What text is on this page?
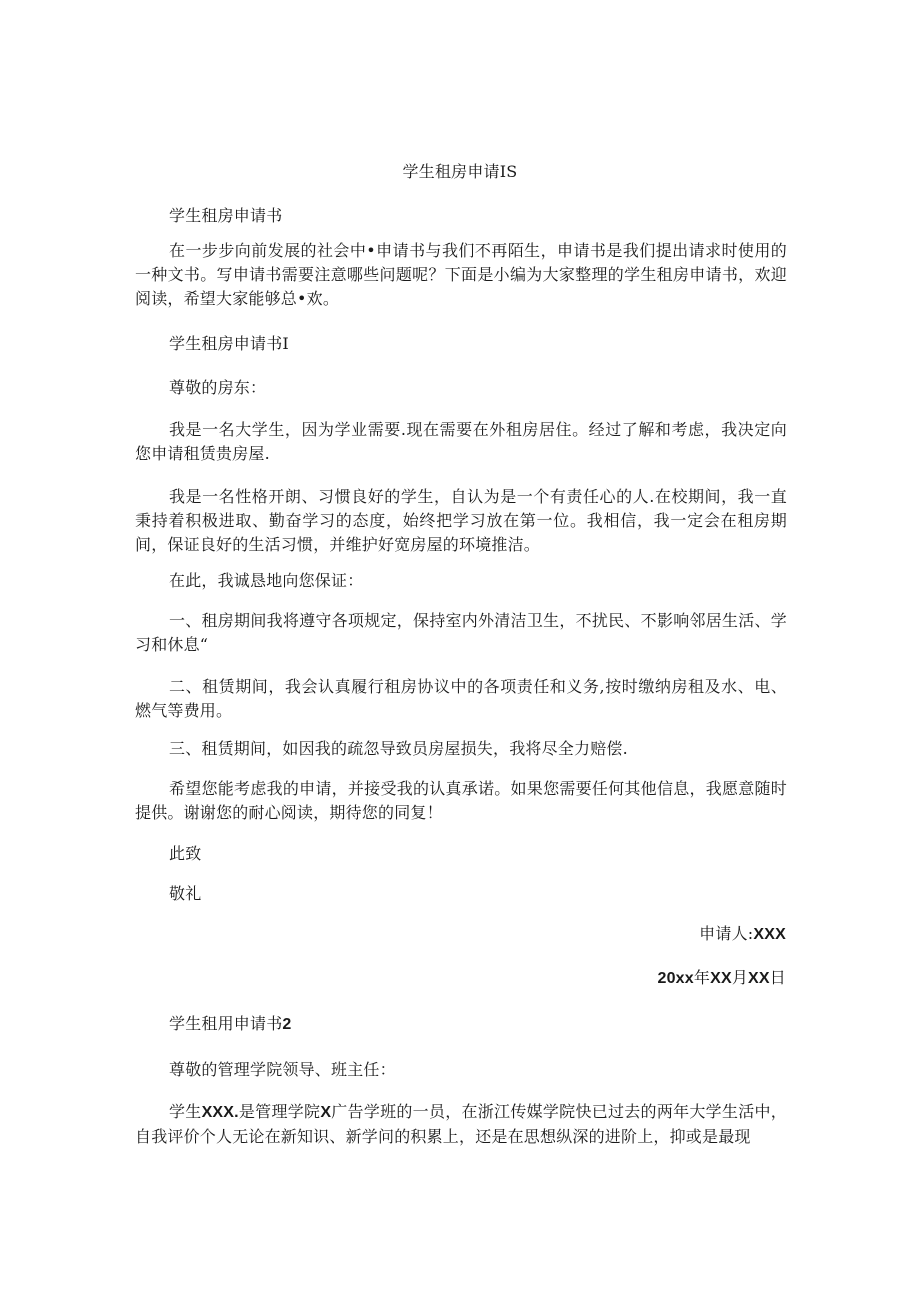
学生租房申请IS
学生租房申请书
在一步步向前发展的社会中•申请书与我们不再陌生，申请书是我们提出请求时使用的一种文书。写申请书需要注意哪些问题呢？下面是小编为大家整理的学生租房申请书，欢迎阅读，希望大家能够总•欢。
学生租房申请书I
尊敬的房东：
我是一名大学生，因为学业需要.现在需要在外租房居住。经过了解和考虑，我决定向您申请租赁贵房屋.
我是一名性格开朗、习惯良好的学生，自认为是一个有责任心的人.在校期间，我一直秉持着积极进取、勤奋学习的态度，始终把学习放在第一位。我相信，我一定会在租房期间，保证良好的生活习惯，并维护好宽房屋的环境推洁。
在此，我诚恳地向您保证：
一、租房期间我将遵守各项规定，保持室内外清洁卫生，不扰民、不影响邻居生活、学习和休息“
二、租赁期间，我会认真履行租房协议中的各项责任和义务,按时缴纳房租及水、电、燃气等费用。
三、租赁期间，如因我的疏忽导致员房屋损失，我将尽全力赔偿.
希望您能考虑我的申请，并接受我的认真承诺。如果您需要任何其他信息，我愿意随时提供。谢谢您的耐心阅读，期待您的同复！
此致
敬礼
申请人:XXX
20xx年XX月XX日
学生租用申请书2
尊敬的管理学院领导、班主任：
学生XXX.是管理学院X广告学班的一员，在浙江传媒学院快已过去的两年大学生活中，自我评价个人无论在新知识、新学问的积累上，还是在思想纵深的进阶上，抑或是最现
